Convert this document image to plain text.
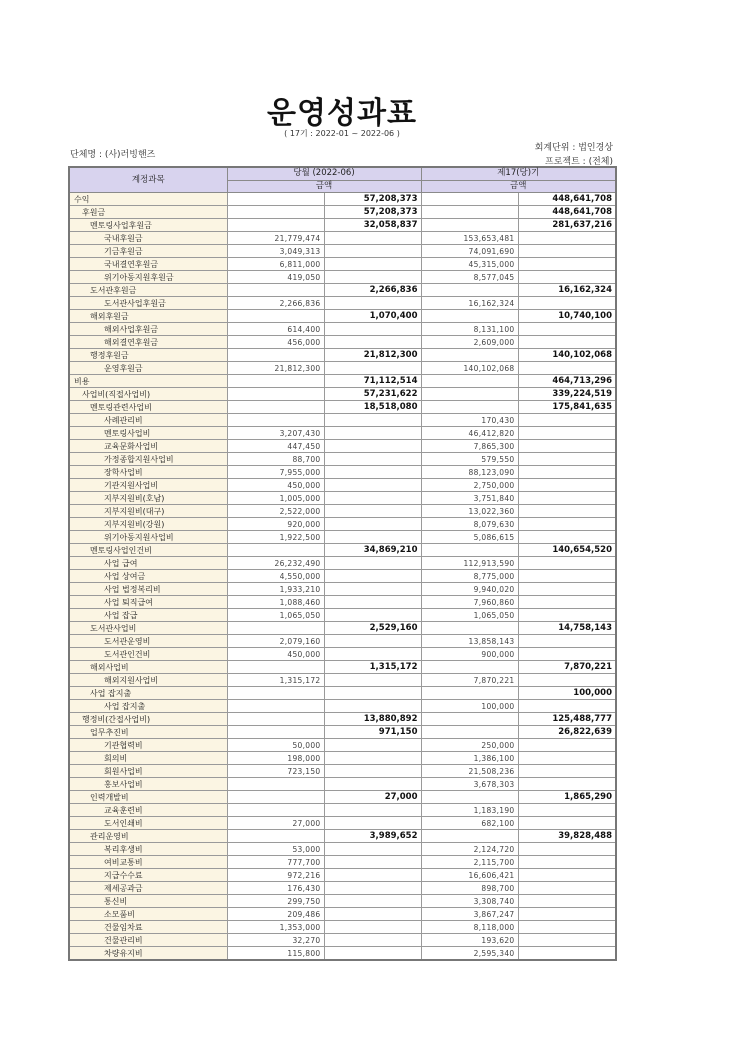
운영성과표
( 17기 : 2022-01 ~ 2022-06 )
단체명 : (사)러빙핸즈
회계단위 : 법인경상
프로젝트 : (전체)
계정과목	당월 (2022-06)		제17(당)기	
	금액		금액	
수익		57,208,373		448,641,708
후원금		57,208,373		448,641,708
멘토링사업후원금		32,058,837		281,637,216
국내후원금	21,779,474		153,653,481	
기금후원금	3,049,313		74,091,690	
국내결연후원금	6,811,000		45,315,000	
위기아동지원후원금	419,050		8,577,045	
도서관후원금		2,266,836		16,162,324
도서관사업후원금	2,266,836		16,162,324	
해외후원금		1,070,400		10,740,100
해외사업후원금	614,400		8,131,100	
해외결연후원금	456,000		2,609,000	
행정후원금		21,812,300		140,102,068
운영후원금	21,812,300		140,102,068	
비용		71,112,514		464,713,296
사업비(직접사업비)		57,231,622		339,224,519
멘토링관련사업비		18,518,080		175,841,635
사례관리비			170,430	
멘토링사업비	3,207,430		46,412,820	
교육문화사업비	447,450		7,865,300	
가정종합지원사업비	88,700		579,550	
장학사업비	7,955,000		88,123,090	
기관지원사업비	450,000		2,750,000	
지부지원비(호남)	1,005,000		3,751,840	
지부지원비(대구)	2,522,000		13,022,360	
지부지원비(강원)	920,000		8,079,630	
위기아동지원사업비	1,922,500		5,086,615	
멘토링사업인건비		34,869,210		140,654,520
사업 급여	26,232,490		112,913,590	
사업 상여금	4,550,000		8,775,000	
사업 법정복리비	1,933,210		9,940,020	
사업 퇴직급여	1,088,460		7,960,860	
사업 잡급	1,065,050		1,065,050	
도서관사업비		2,529,160		14,758,143
도서관운영비	2,079,160		13,858,143	
도서관인건비	450,000		900,000	
해외사업비		1,315,172		7,870,221
해외지원사업비	1,315,172		7,870,221	
사업 잡지출				100,000
사업 잡지출			100,000	
행정비(간접사업비)		13,880,892		125,488,777
업무추진비		971,150		26,822,639
기관협력비	50,000		250,000	
회의비	198,000		1,386,100	
회원사업비	723,150		21,508,236	
홍보사업비			3,678,303	
인력개발비		27,000		1,865,290
교육훈련비			1,183,190	
도서인쇄비	27,000		682,100	
관리운영비		3,989,652		39,828,488
복리후생비	53,000		2,124,720	
여비교통비	777,700		2,115,700	
지급수수료	972,216		16,606,421	
제세공과금	176,430		898,700	
통신비	299,750		3,308,740	
소모품비	209,486		3,867,247	
건물임차료	1,353,000		8,118,000	
건물관리비	32,270		193,620	
차량유지비	115,800		2,595,340	
